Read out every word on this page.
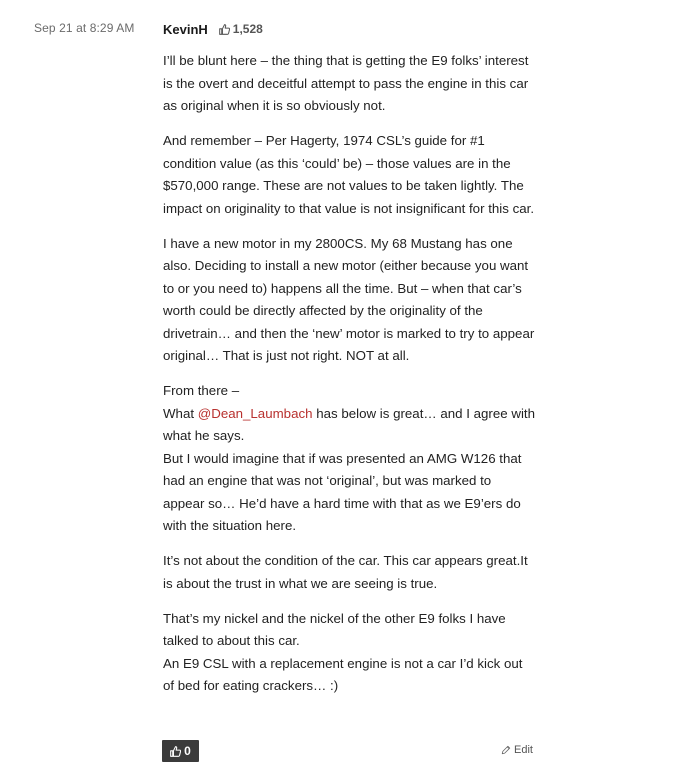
Sep 21 at 8:29 AM KevinH 1,528

I’ll be blunt here – the thing that is getting the E9 folks’ interest is the overt and deceitful attempt to pass the engine in this car as original when it is so obviously not.

And remember – Per Hagerty, 1974 CSL’s guide for #1 condition value (as this ‘could’ be) – those values are in the $570,000 range. These are not values to be taken lightly. The impact on originality to that value is not insignificant for this car.

I have a new motor in my 2800CS. My 68 Mustang has one also. Deciding to install a new motor (either because you want to or you need to) happens all the time. But – when that car’s worth could be directly affected by the originality of the drivetrain… and then the ‘new’ motor is marked to try to appear original… That is just not right. NOT at all.

From there –
What @Dean_Laumbach has below is great… and I agree with what he says.
But I would imagine that if was presented an AMG W126 that had an engine that was not ‘original’, but was marked to appear so… He’d have a hard time with that as we E9’ers do with the situation here.

It’s not about the condition of the car. This car appears great.It is about the trust in what we are seeing is true.

That’s my nickel and the nickel of the other E9 folks I have talked to about this car.
An E9 CSL with a replacement engine is not a car I’d kick out of bed for eating crackers… :)

0	Edit
